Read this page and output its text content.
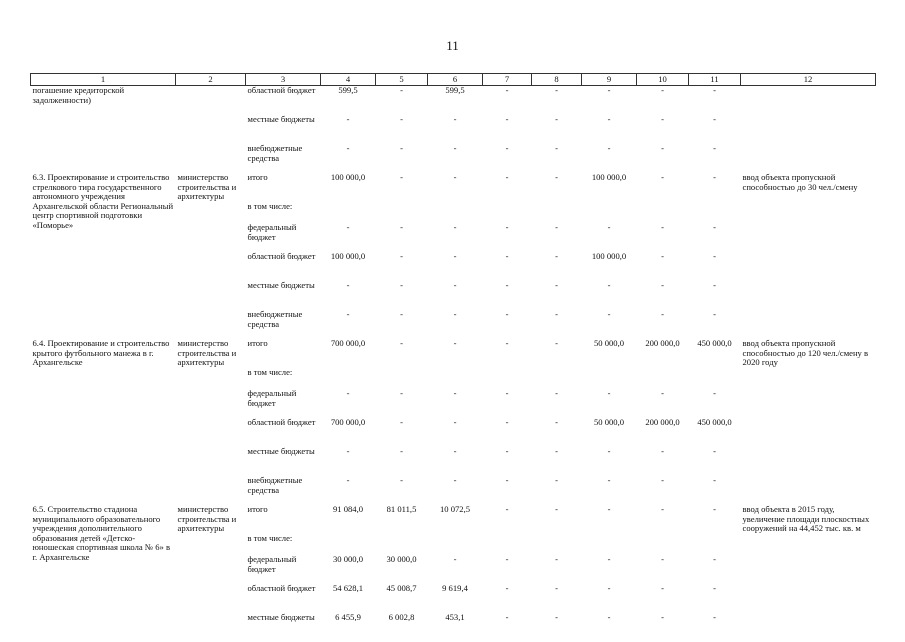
11
1	2	3	4	5	6	7	8	9	10	11	12
погашение кредиторской задолженности)		областной бюджет	599,5	-	599,5	-	-	-	-	-	
		местные бюджеты	-	-	-	-	-	-	-	-	
		внебюджетные средства	-	-	-	-	-	-	-	-	
6.3. Проектирование и строительство стрелкового тира государственного автономного учреждения Архангельской области Региональный центр спортивной подготовки «Поморье»	министерство строительства и архитектуры	итого	100 000,0	-	-	-	-	100 000,0	-	-	ввод объекта пропускной способностью до 30 чел./смену
		в том числе:									
		федеральный бюджет	-	-	-	-	-	-	-	-	
		областной бюджет	100 000,0	-	-	-	-	100 000,0	-	-	
		местные бюджеты	-	-	-	-	-	-	-	-	
		внебюджетные средства	-	-	-	-	-	-	-	-	
6.4. Проектирование и строительство крытого футбольного манежа в г. Архангельске	министерство строительства и архитектуры	итого	700 000,0	-	-	-	-	50 000,0	200 000,0	450 000,0	ввод объекта пропускной способностью до 120 чел./смену в 2020 году
		в том числе:									
		федеральный бюджет	-	-	-	-	-	-	-	-	
		областной бюджет	700 000,0	-	-	-	-	50 000,0	200 000,0	450 000,0	
		местные бюджеты	-	-	-	-	-	-	-	-	
		внебюджетные средства	-	-	-	-	-	-	-	-	
6.5. Строительство стадиона муниципального образовательного учреждения дополнительного образования детей «Детско-юношеская спортивная школа № 6» в г. Архангельске	министерство строительства и архитектуры	итого	91 084,0	81 011,5	10 072,5	-	-	-	-	-	ввод объекта в 2015 году, увеличение площади плоскостных сооружений на 44,452 тыс. кв. м
		в том числе:									
		федеральный бюджет	30 000,0	30 000,0	-	-	-	-	-	-	
		областной бюджет	54 628,1	45 008,7	9 619,4	-	-	-	-	-	
		местные бюджеты	6 455,9	6 002,8	453,1	-	-	-	-	-	
